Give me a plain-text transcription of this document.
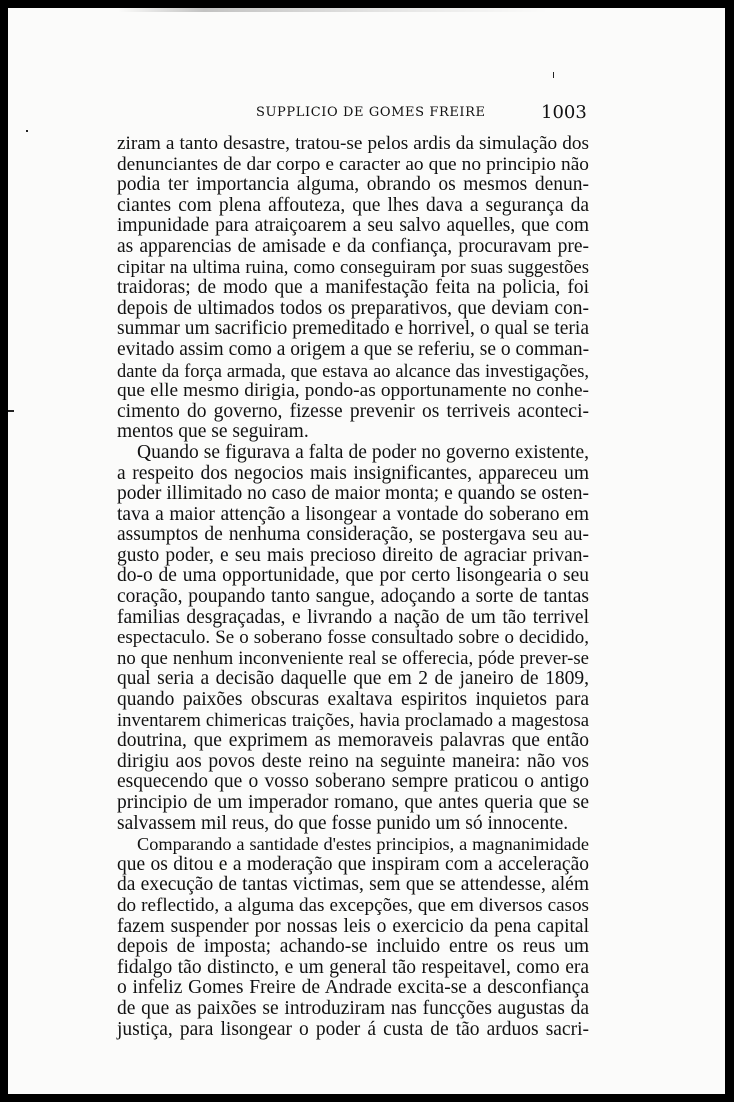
SUPPLICIO DE GOMES FREIRE	1003
ziram a tanto desastre, tratou-se pelos ardis da simulação dos
denunciantes de dar corpo e caracter ao que no principio não
podia ter importancia alguma, obrando os mesmos denun-
ciantes com plena affouteza, que lhes dava a segurança da
impunidade para atraiçoarem a seu salvo aquelles, que com
as apparencias de amisade e da confiança, procuravam pre-
cipitar na ultima ruina, como conseguiram por suas suggestões
traidoras; de modo que a manifestação feita na policia, foi
depois de ultimados todos os preparativos, que deviam con-
summar um sacrificio premeditado e horrivel, o qual se teria
evitado assim como a origem a que se referiu, se o comman-
dante da força armada, que estava ao alcance das investigações,
que elle mesmo dirigia, pondo-as opportunamente no conhe-
cimento do governo, fizesse prevenir os terriveis aconteci-
mentos que se seguiram.
Quando se figurava a falta de poder no governo existente,
a respeito dos negocios mais insignificantes, appareceu um
poder illimitado no caso de maior monta; e quando se osten-
tava a maior attenção a lisongear a vontade do soberano em
assumptos de nenhuma consideração, se postergava seu au-
gusto poder, e seu mais precioso direito de agraciar privan-
do-o de uma opportunidade, que por certo lisongearia o seu
coração, poupando tanto sangue, adoçando a sorte de tantas
familias desgraçadas, e livrando a nação de um tão terrivel
espectaculo. Se o soberano fosse consultado sobre o decidido,
no que nenhum inconveniente real se offerecia, póde prever-se
qual seria a decisão daquelle que em 2 de janeiro de 1809,
quando paixões obscuras exaltava espiritos inquietos para
inventarem chimericas traições, havia proclamado a magestosa
doutrina, que exprimem as memoraveis palavras que então
dirigiu aos povos deste reino na seguinte maneira: não vos
esquecendo que o vosso soberano sempre praticou o antigo
principio de um imperador romano, que antes queria que se
salvassem mil reus, do que fosse punido um só innocente.
Comparando a santidade d'estes principios, a magnanimidade
que os ditou e a moderação que inspiram com a acceleração
da execução de tantas victimas, sem que se attendesse, além
do reflectido, a alguma das excepções, que em diversos casos
fazem suspender por nossas leis o exercicio da pena capital
depois de imposta; achando-se incluido entre os reus um
fidalgo tão distincto, e um general tão respeitavel, como era
o infeliz Gomes Freire de Andrade excita-se a desconfiança
de que as paixões se introduziram nas funcções augustas da
justiça, para lisongear o poder á custa de tão arduos sacri-
